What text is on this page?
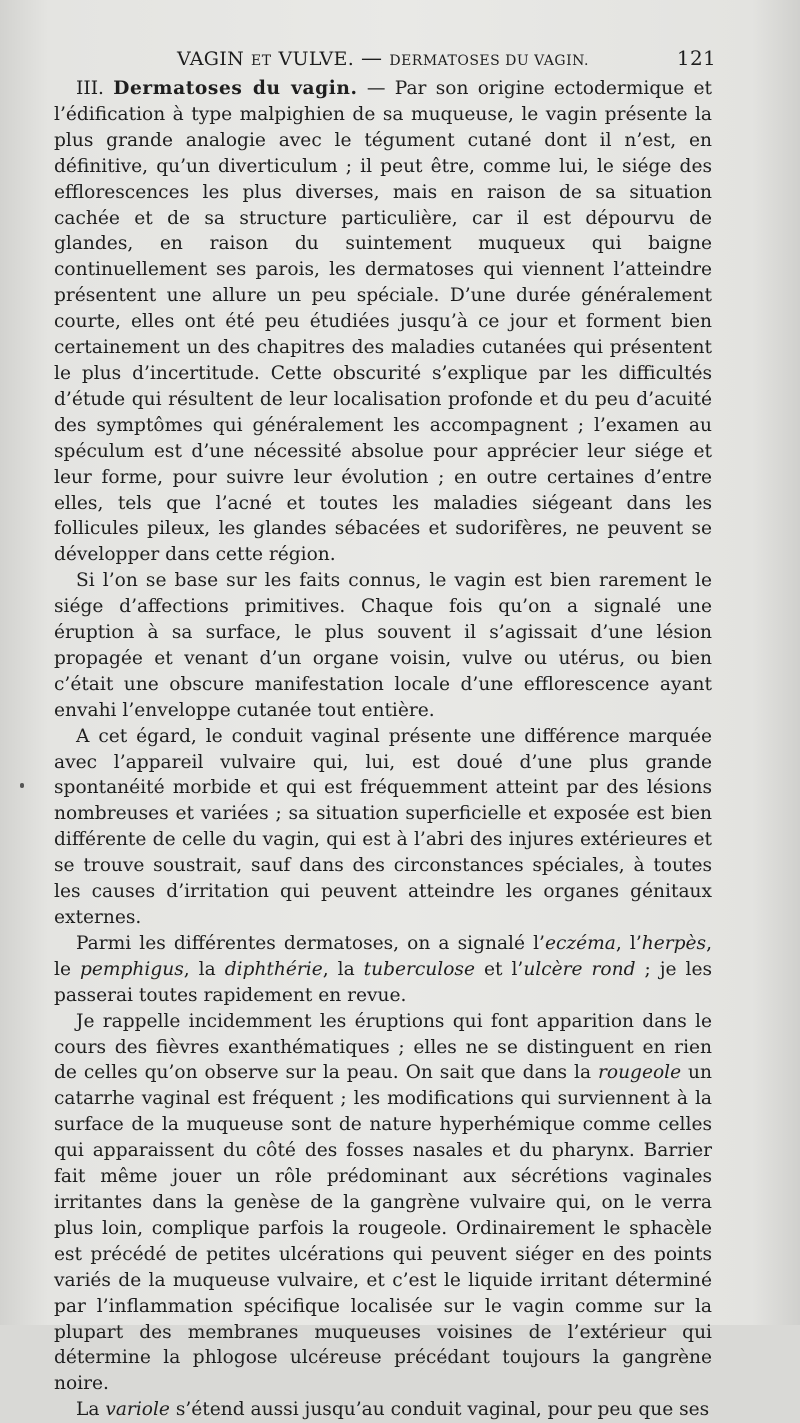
VAGIN ET VULVE. — DERMATOSES DU VAGIN.	121

III. Dermatoses du vagin. — Par son origine ectodermique et l’édification à type malpighien de sa muqueuse, le vagin présente la plus grande analogie avec le tégument cutané dont il n’est, en définitive, qu’un diverticulum ; il peut être, comme lui, le siége des efflorescences les plus diverses, mais en raison de sa situation cachée et de sa structure particulière, car il est dépourvu de glandes, en raison du suintement muqueux qui baigne continuellement ses parois, les dermatoses qui viennent l’atteindre présentent une allure un peu spéciale. D’une durée généralement courte, elles ont été peu étudiées jusqu’à ce jour et forment bien certainement un des chapitres des maladies cutanées qui présentent le plus d’incertitude. Cette obscurité s’explique par les difficultés d’étude qui résultent de leur localisation profonde et du peu d’acuité des symptômes qui généralement les accompagnent ; l’examen au spéculum est d’une nécessité absolue pour apprécier leur siége et leur forme, pour suivre leur évolution ; en outre certaines d’entre elles, tels que l’acné et toutes les maladies siégeant dans les follicules pileux, les glandes sébacées et sudorifères, ne peuvent se développer dans cette région.

Si l’on se base sur les faits connus, le vagin est bien rarement le siége d’affections primitives. Chaque fois qu’on a signalé une éruption à sa surface, le plus souvent il s’agissait d’une lésion propagée et venant d’un organe voisin, vulve ou utérus, ou bien c’était une obscure manifestation locale d’une efflorescence ayant envahi l’enveloppe cutanée tout entière.

A cet égard, le conduit vaginal présente une différence marquée avec l’appareil vulvaire qui, lui, est doué d’une plus grande spontanéité morbide et qui est fréquemment atteint par des lésions nombreuses et variées ; sa situation superficielle et exposée est bien différente de celle du vagin, qui est à l’abri des injures extérieures et se trouve soustrait, sauf dans des circonstances spéciales, à toutes les causes d’irritation qui peuvent atteindre les organes génitaux externes.

Parmi les différentes dermatoses, on a signalé l’eczéma, l’herpès, le pemphigus, la diphthérie, la tuberculose et l’ulcère rond ; je les passerai toutes rapidement en revue.

Je rappelle incidemment les éruptions qui font apparition dans le cours des fièvres exanthématiques ; elles ne se distinguent en rien de celles qu’on observe sur la peau. On sait que dans la rougeole un catarrhe vaginal est fréquent ; les modifications qui surviennent à la surface de la muqueuse sont de nature hyperhémique comme celles qui apparaissent du côté des fosses nasales et du pharynx. Barrier fait même jouer un rôle prédominant aux sécrétions vaginales irritantes dans la genèse de la gangrène vulvaire qui, on le verra plus loin, complique parfois la rougeole. Ordinairement le sphacèle est précédé de petites ulcérations qui peuvent siéger en des points variés de la muqueuse vulvaire, et c’est le liquide irritant déterminé par l’inflammation spécifique localisée sur le vagin comme sur la plupart des membranes muqueuses voisines de l’extérieur qui détermine la phlogose ulcéreuse précédant toujours la gangrène noire.

La variole s’étend aussi jusqu’au conduit vaginal, pour peu que ses
